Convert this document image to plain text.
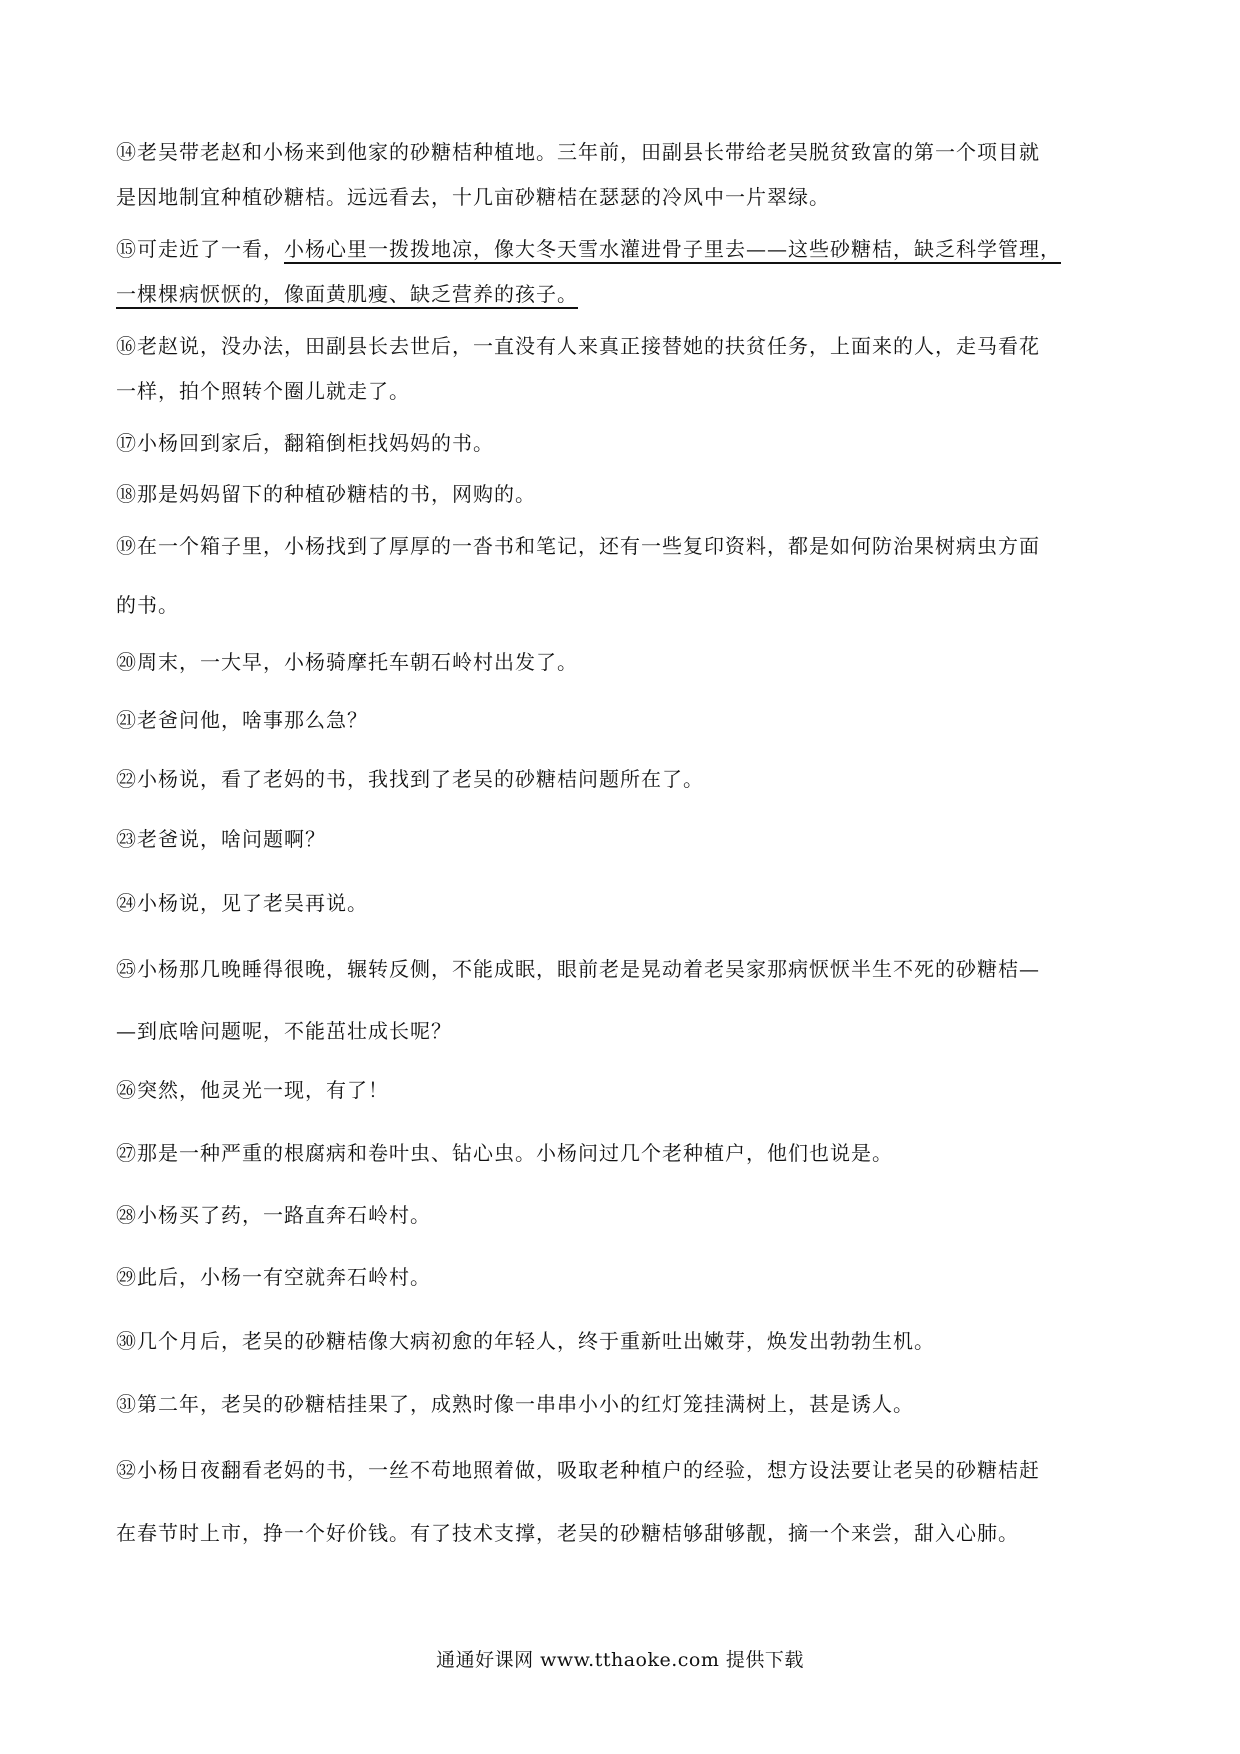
⑭老吴带老赵和小杨来到他家的砂糖桔种植地。三年前，田副县长带给老吴脱贫致富的第一个项目就
是因地制宜种植砂糖桔。远远看去，十几亩砂糖桔在瑟瑟的冷风中一片翠绿。
⑮可走近了一看，小杨心里一拨拨地凉，像大冬天雪水灌进骨子里去——这些砂糖桔，缺乏科学管理，
一棵棵病恹恹的，像面黄肌瘦、缺乏营养的孩子。
⑯老赵说，没办法，田副县长去世后，一直没有人来真正接替她的扶贫任务，上面来的人，走马看花
一样，拍个照转个圈儿就走了。
⑰小杨回到家后，翻箱倒柜找妈妈的书。
⑱那是妈妈留下的种植砂糖桔的书，网购的。
⑲在一个箱子里，小杨找到了厚厚的一沓书和笔记，还有一些复印资料，都是如何防治果树病虫方面
的书。
⑳周末，一大早，小杨骑摩托车朝石岭村出发了。
㉑老爸问他，啥事那么急？
㉒小杨说，看了老妈的书，我找到了老吴的砂糖桔问题所在了。
㉓老爸说，啥问题啊？
㉔小杨说，见了老吴再说。
㉕小杨那几晚睡得很晚，辗转反侧，不能成眠，眼前老是晃动着老吴家那病恹恹半生不死的砂糖桔—
—到底啥问题呢，不能茁壮成长呢？
㉖突然，他灵光一现，有了！
㉗那是一种严重的根腐病和卷叶虫、钻心虫。小杨问过几个老种植户，他们也说是。
㉘小杨买了药，一路直奔石岭村。
㉙此后，小杨一有空就奔石岭村。
㉚几个月后，老吴的砂糖桔像大病初愈的年轻人，终于重新吐出嫩芽，焕发出勃勃生机。
㉛第二年，老吴的砂糖桔挂果了，成熟时像一串串小小的红灯笼挂满树上，甚是诱人。
㉜小杨日夜翻看老妈的书，一丝不苟地照着做，吸取老种植户的经验，想方设法要让老吴的砂糖桔赶
在春节时上市，挣一个好价钱。有了技术支撑，老吴的砂糖桔够甜够靓，摘一个来尝，甜入心肺。
通通好课网 www.tthaoke.com 提供下载
